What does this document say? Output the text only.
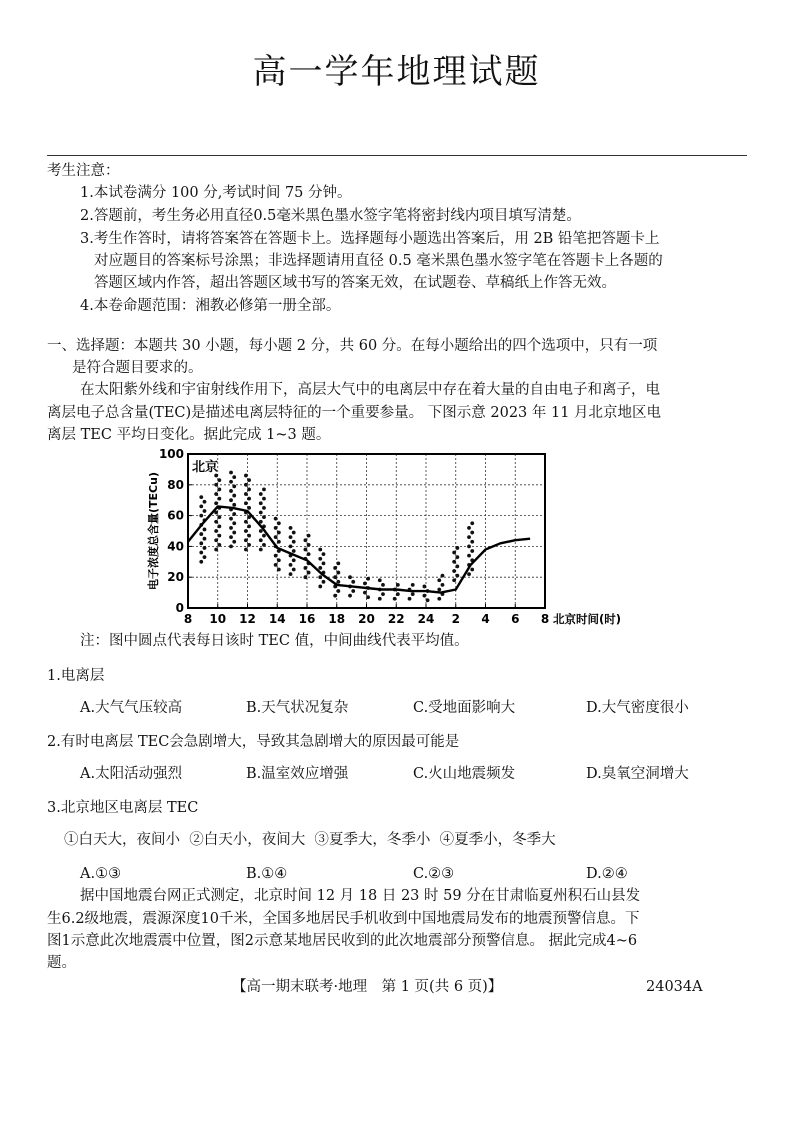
高一学年地理试题
考生注意：
1.本试卷满分 100 分,考试时间 75 分钟。
2.答题前，考生务必用直径0.5毫米黑色墨水签字笔将密封线内项目填写清楚。
3.考生作答时，请将答案答在答题卡上。选择题每小题选出答案后，用 2B 铅笔把答题卡上
对应题目的答案标号涂黑；非选择题请用直径 0.5 毫米黑色墨水签字笔在答题卡上各题的
答题区域内作答，超出答题区域书写的答案无效，在试题卷、草稿纸上作答无效。
4.本卷命题范围：湘教必修第一册全部。
一、选择题：本题共 30 小题，每小题 2 分，共 60 分。在每小题给出的四个选项中，只有一项
是符合题目要求的。
在太阳紫外线和宇宙射线作用下，高层大气中的电离层中存在着大量的自由电子和离子，电
离层电子总含量(TEC)是描述电离层特征的一个重要参量。 下图示意 2023 年 11 月北京地区电
离层 TEC 平均日变化。据此完成 1~3 题。
8 10 12 14 16 18 20 22 24 2 4 6 8
0
20
40
60
80
100
北京时间(时)
电子浓度总含量(TECu)
北京
注：图中圆点代表每日该时 TEC 值，中间曲线代表平均值。
1.电离层
A.大气气压较高	B.天气状况复杂	C.受地面影响大	D.大气密度很小
2.有时电离层 TEC会急剧增大，导致其急剧增大的原因最可能是
A.太阳活动强烈	B.温室效应增强	C.火山地震频发	D.臭氧空洞增大
3.北京地区电离层 TEC
①白天大，夜间小  ②白天小，夜间大  ③夏季大，冬季小  ④夏季小，冬季大
A.①③	B.①④	C.②③	D.②④
据中国地震台网正式测定，北京时间 12 月 18 日 23 时 59 分在甘肃临夏州积石山县发
生6.2级地震，震源深度10千米，全国多地居民手机收到中国地震局发布的地震预警信息。下
图1示意此次地震震中位置，图2示意某地居民收到的此次地震部分预警信息。 据此完成4~6
题。
【高一期末联考·地理　第 1 页(共 6 页)】	24034A
